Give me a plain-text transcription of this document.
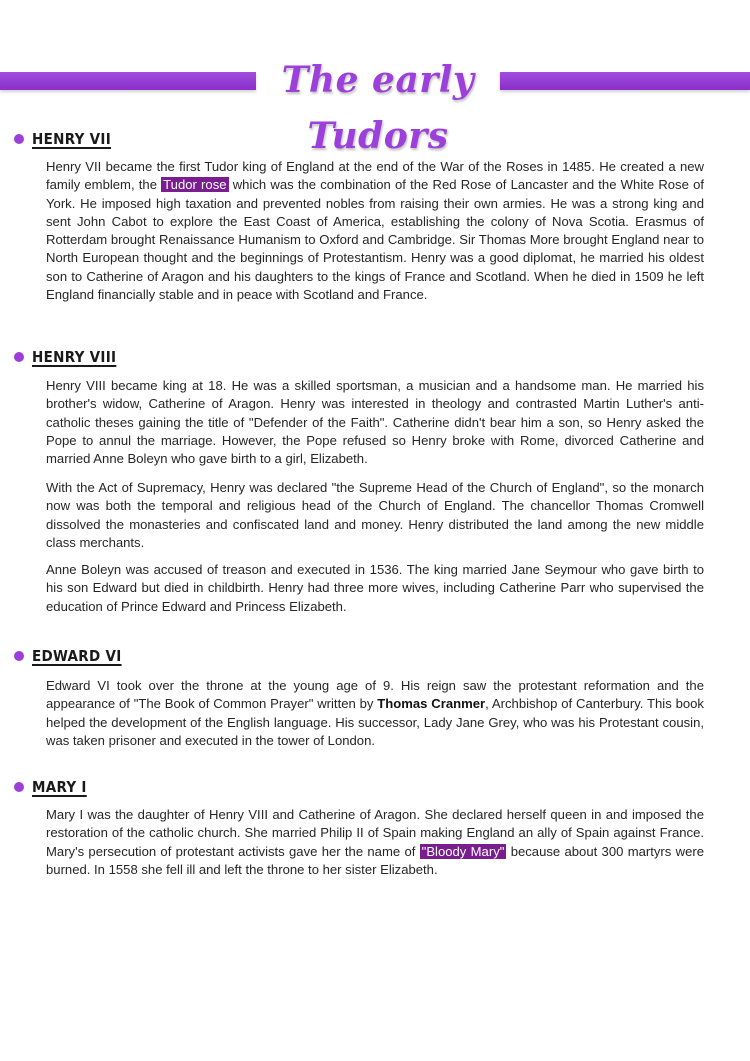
The early Tudors
HENRY VII
Henry VII became the first Tudor king of England at the end of the War of the Roses in 1485. He created a new family emblem, the Tudor rose which was the combination of the Red Rose of Lancaster and the White Rose of York. He imposed high taxation and prevented nobles from raising their own armies. He was a strong king and sent John Cabot to explore the East Coast of America, establishing the colony of Nova Scotia. Erasmus of Rotterdam brought Renaissance Humanism to Oxford and Cambridge. Sir Thomas More brought England near to North European thought and the beginnings of Protestantism. Henry was a good diplomat, he married his oldest son to Catherine of Aragon and his daughters to the kings of France and Scotland. When he died in 1509 he left England financially stable and in peace with Scotland and France.
HENRY VIII
Henry VIII became king at 18. He was a skilled sportsman, a musician and a handsome man. He married his brother's widow, Catherine of Aragon. Henry was interested in theology and contrasted Martin Luther's anti-catholic theses gaining the title of "Defender of the Faith". Catherine didn't bear him a son, so Henry asked the Pope to annul the marriage. However, the Pope refused so Henry broke with Rome, divorced Catherine and married Anne Boleyn who gave birth to a girl, Elizabeth.
With the Act of Supremacy, Henry was declared "the Supreme Head of the Church of England", so the monarch now was both the temporal and religious head of the Church of England. The chancellor Thomas Cromwell dissolved the monasteries and confiscated land and money. Henry distributed the land among the new middle class merchants.
Anne Boleyn was accused of treason and executed in 1536. The king married Jane Seymour who gave birth to his son Edward but died in childbirth. Henry had three more wives, including Catherine Parr who supervised the education of Prince Edward and Princess Elizabeth.
EDWARD VI
Edward VI took over the throne at the young age of 9. His reign saw the protestant reformation and the appearance of "The Book of Common Prayer" written by Thomas Cranmer, Archbishop of Canterbury. This book helped the development of the English language. His successor, Lady Jane Grey, who was his Protestant cousin, was taken prisoner and executed in the tower of London.
MARY I
Mary I was the daughter of Henry VIII and Catherine of Aragon. She declared herself queen in and imposed the restoration of the catholic church. She married Philip II of Spain making England an ally of Spain against France. Mary's persecution of protestant activists gave her the name of "Bloody Mary" because about 300 martyrs were burned. In 1558 she fell ill and left the throne to her sister Elizabeth.
